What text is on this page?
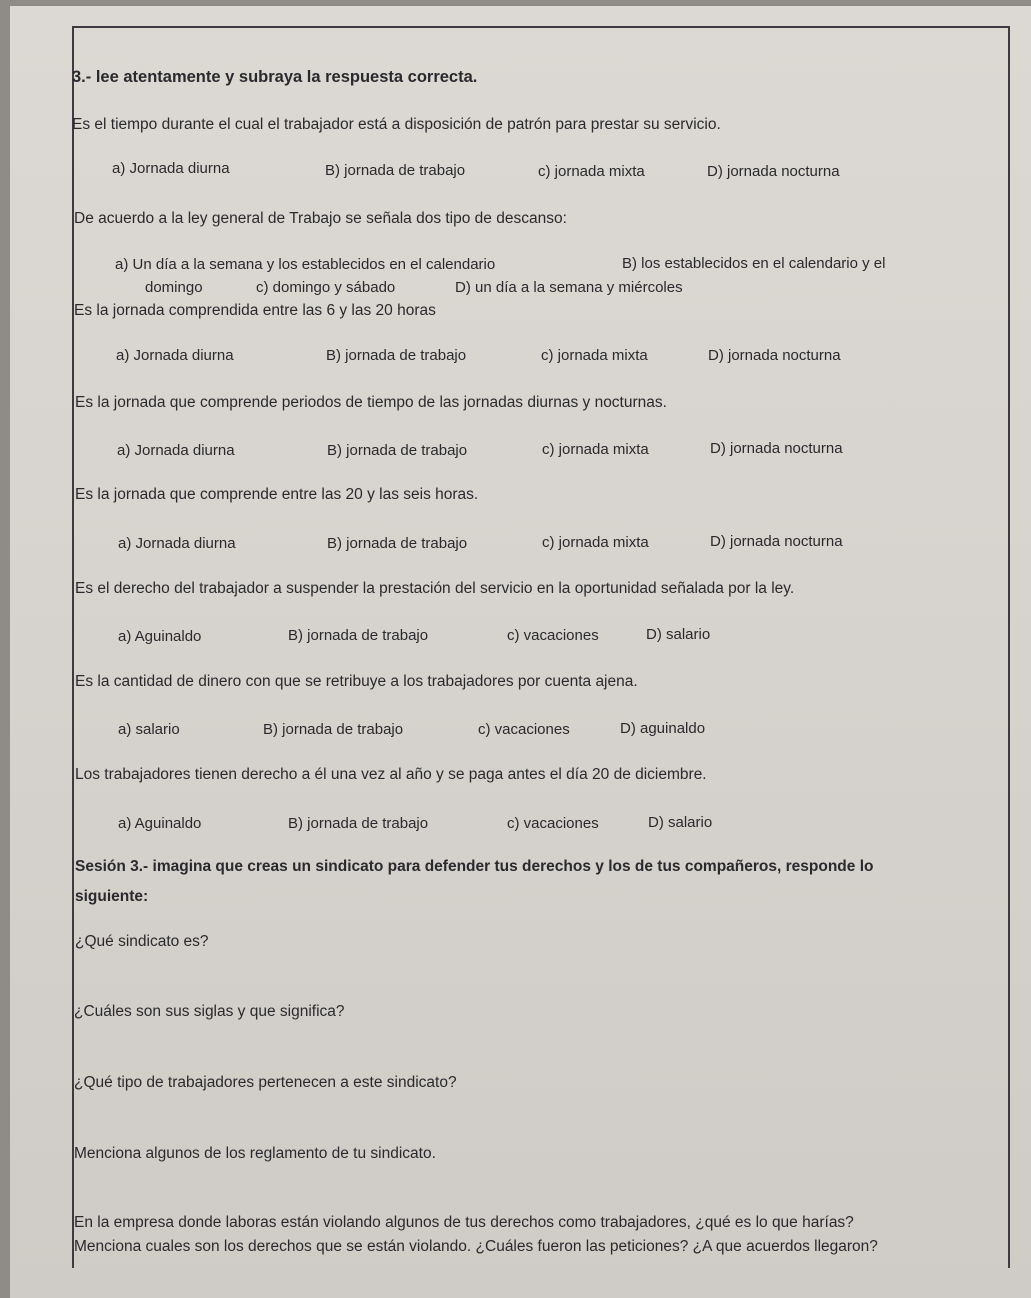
3.- lee atentamente y subraya la respuesta correcta.
Es el tiempo durante el cual el trabajador está a disposición de patrón para prestar su servicio.
a) Jornada diurna	B) jornada de trabajo	c) jornada mixta	D) jornada nocturna
De acuerdo a la ley general de Trabajo se señala dos tipo de descanso:
a) Un día a la semana y los establecidos en el calendario	B) los establecidos en el calendario y el
domingo	c) domingo y sábado	D) un día a la semana y miércoles
Es la jornada comprendida entre las 6 y las 20 horas
a) Jornada diurna	B) jornada de trabajo	c) jornada mixta	D) jornada nocturna
Es la jornada que comprende periodos de tiempo de las jornadas diurnas y nocturnas.
a) Jornada diurna	B) jornada de trabajo	c) jornada mixta	D) jornada nocturna
Es la jornada que comprende entre las 20 y las seis horas.
a) Jornada diurna	B) jornada de trabajo	c) jornada mixta	D) jornada nocturna
Es el derecho del trabajador a suspender la prestación del servicio en la oportunidad señalada por la ley.
a) Aguinaldo	B) jornada de trabajo	c) vacaciones	D) salario
Es la cantidad de dinero con que se retribuye a los trabajadores por cuenta ajena.
a) salario	B) jornada de trabajo	c) vacaciones	D) aguinaldo
Los trabajadores tienen derecho a él una vez al año y se paga antes el día 20 de diciembre.
a) Aguinaldo	B) jornada de trabajo	c) vacaciones	D) salario
Sesión 3.- imagina que creas un sindicato para defender tus derechos y los de tus compañeros, responde lo
siguiente:
¿Qué sindicato es?
¿Cuáles son sus siglas y que significa?
¿Qué tipo de trabajadores pertenecen a este sindicato?
Menciona algunos de los reglamento de tu sindicato.
En la empresa donde laboras están violando algunos de tus derechos como trabajadores, ¿qué es lo que harías?
Menciona cuales son los derechos que se están violando. ¿Cuáles fueron las peticiones? ¿A que acuerdos llegaron?
